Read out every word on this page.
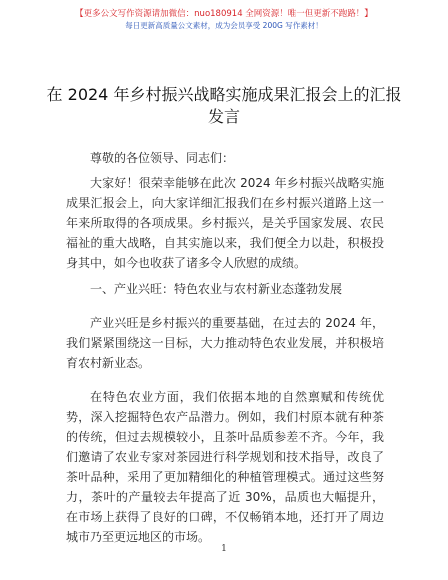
【更多公文写作资源请加微信：nuo180914 全网资源！唯一但更新不跑路！】
每日更新高质量公文素材，成为会员享受 200G 写作素材！
在 2024 年乡村振兴战略实施成果汇报会上的汇报发言

尊敬的各位领导、同志们：

大家好！很荣幸能够在此次 2024 年乡村振兴战略实施成果汇报会上，向大家详细汇报我们在乡村振兴道路上这一年来所取得的各项成果。乡村振兴，是关乎国家发展、农民福祉的重大战略，自其实施以来，我们便全力以赴，积极投身其中，如今也收获了诸多令人欣慰的成绩。

一、产业兴旺：特色农业与农村新业态蓬勃发展

产业兴旺是乡村振兴的重要基础，在过去的 2024 年，我们紧紧围绕这一目标，大力推动特色农业发展，并积极培育农村新业态。

在特色农业方面，我们依据本地的自然禀赋和传统优势，深入挖掘特色农产品潜力。例如，我们村原本就有种茶的传统，但过去规模较小，且茶叶品质参差不齐。今年，我们邀请了农业专家对茶园进行科学规划和技术指导，改良了茶叶品种，采用了更加精细化的种植管理模式。通过这些努力，茶叶的产量较去年提高了近 30%，品质也大幅提升，在市场上获得了良好的口碑，不仅畅销本地，还打开了周边城市乃至更远地区的市场。

1
